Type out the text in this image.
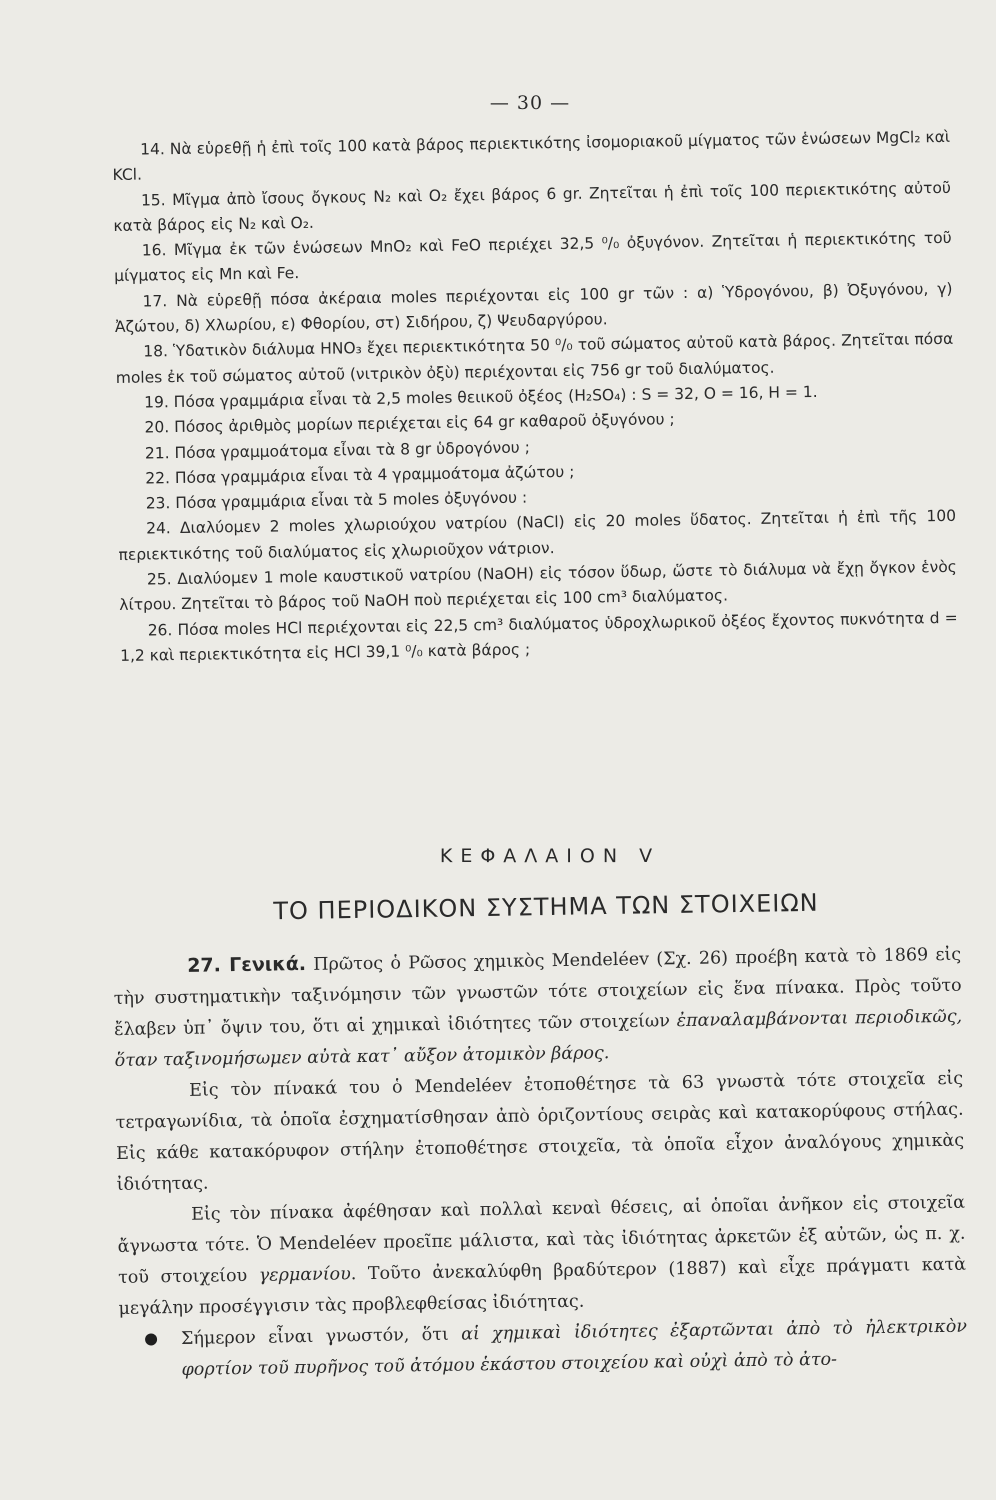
— 30 —

14. Νὰ εὑρεθῇ ἡ ἐπὶ τοῖς 100 κατὰ βάρος περιεκτικότης ἰσομοριακοῦ μίγματος τῶν ἑνώσεων MgCl₂ καὶ KCl.

15. Μῖγμα ἀπὸ ἴσους ὄγκους N₂ καὶ O₂ ἔχει βάρος 6 gr. Ζητεῖται ἡ ἐπὶ τοῖς 100 περιεκτικότης αὐτοῦ κατὰ βάρος εἰς N₂ καὶ O₂.

16. Μῖγμα ἐκ τῶν ἑνώσεων MnO₂ καὶ FeO περιέχει 32,5 ⁰/₀ ὀξυγόνον. Ζητεῖται ἡ περιεκτικότης τοῦ μίγματος εἰς Mn καὶ Fe.

17. Νὰ εὑρεθῇ πόσα ἀκέραια moles περιέχονται εἰς 100 gr τῶν : α) Ὑδρογόνου, β) Ὀξυγόνου, γ) Ἀζώτου, δ) Χλωρίου, ε) Φθορίου, στ) Σιδήρου, ζ) Ψευδαργύρου.

18. Ὑδατικὸν διάλυμα HNO₃ ἔχει περιεκτικότητα 50 ⁰/₀ τοῦ σώματος αὐτοῦ κατὰ βάρος. Ζητεῖται πόσα moles ἐκ τοῦ σώματος αὐτοῦ (νιτρικὸν ὀξὺ) περιέχονται εἰς 756 gr τοῦ διαλύματος.

19. Πόσα γραμμάρια εἶναι τὰ 2,5 moles θειικοῦ ὀξέος (H₂SO₄) : S = 32, O = 16, H = 1.

20. Πόσος ἀριθμὸς μορίων περιέχεται εἰς 64 gr καθαροῦ ὀξυγόνου ;

21. Πόσα γραμμοάτομα εἶναι τὰ 8 gr ὑδρογόνου ;

22. Πόσα γραμμάρια εἶναι τὰ 4 γραμμοάτομα ἀζώτου ;

23. Πόσα γραμμάρια εἶναι τὰ 5 moles ὀξυγόνου :

24. Διαλύομεν 2 moles χλωριούχου νατρίου (NaCl) εἰς 20 moles ὕδατος. Ζητεῖται ἡ ἐπὶ τῆς 100 περιεκτικότης τοῦ διαλύματος εἰς χλωριοῦχον νάτριον.

25. Διαλύομεν 1 mole καυστικοῦ νατρίου (NaOH) εἰς τόσον ὕδωρ, ὥστε τὸ διάλυμα νὰ ἔχῃ ὄγκον ἑνὸς λίτρου. Ζητεῖται τὸ βάρος τοῦ NaOH ποὺ περιέχεται εἰς 100 cm³ διαλύματος.

26. Πόσα moles HCl περιέχονται εἰς 22,5 cm³ διαλύματος ὑδροχλωρικοῦ ὀξέος ἔχοντος πυκνότητα d = 1,2 καὶ περιεκτικότητα εἰς HCl 39,1 ⁰/₀ κατὰ βάρος ;

ΚΕΦΑΛΑΙΟΝ V
ΤΟ ΠΕΡΙΟΔΙΚΟΝ ΣΥΣΤΗΜΑ ΤΩΝ ΣΤΟΙΧΕΙΩΝ

27. Γενικά. Πρῶτος ὁ Ρῶσος χημικὸς Mendeléev (Σχ. 26) προέβη κατὰ τὸ 1869 εἰς τὴν συστηματικὴν ταξινόμησιν τῶν γνωστῶν τότε στοιχείων εἰς ἕνα πίνακα. Πρὸς τοῦτο ἔλαβεν ὑπ᾽ ὄψιν του, ὅτι αἱ χημικαὶ ἰδιότητες τῶν στοιχείων ἐπαναλαμβάνονται περιοδικῶς, ὅταν ταξινομήσωμεν αὐτὰ κατ᾽ αὔξον ἀτομικὸν βάρος.

Εἰς τὸν πίνακά του ὁ Mendeléev ἐτοποθέτησε τὰ 63 γνωστὰ τότε στοιχεῖα εἰς τετραγωνίδια, τὰ ὁποῖα ἐσχηματίσθησαν ἀπὸ ὁριζοντίους σειρὰς καὶ κατακορύφους στήλας. Εἰς κάθε κατακόρυφον στήλην ἐτοποθέτησε στοιχεῖα, τὰ ὁποῖα εἶχον ἀναλόγους χημικὰς ἰδιότητας.

Εἰς τὸν πίνακα ἀφέθησαν καὶ πολλαὶ κεναὶ θέσεις, αἱ ὁποῖαι ἀνῆκον εἰς στοιχεῖα ἄγνωστα τότε. Ὁ Mendeléev προεῖπε μάλιστα, καὶ τὰς ἰδιότητας ἀρκετῶν ἐξ αὐτῶν, ὡς π. χ. τοῦ στοιχείου γερμανίου. Τοῦτο ἀνεκαλύφθη βραδύτερον (1887) καὶ εἶχε πράγματι κατὰ μεγάλην προσέγγισιν τὰς προβλεφθείσας ἰδιότητας.

Σήμερον εἶναι γνωστόν, ὅτι αἱ χημικαὶ ἰδιότητες ἐξαρτῶνται ἀπὸ τὸ ἠλεκτρικὸν φορτίον τοῦ πυρῆνος τοῦ ἀτόμου ἑκάστου στοιχείου καὶ οὐχὶ ἀπὸ τὸ ἀτο-
